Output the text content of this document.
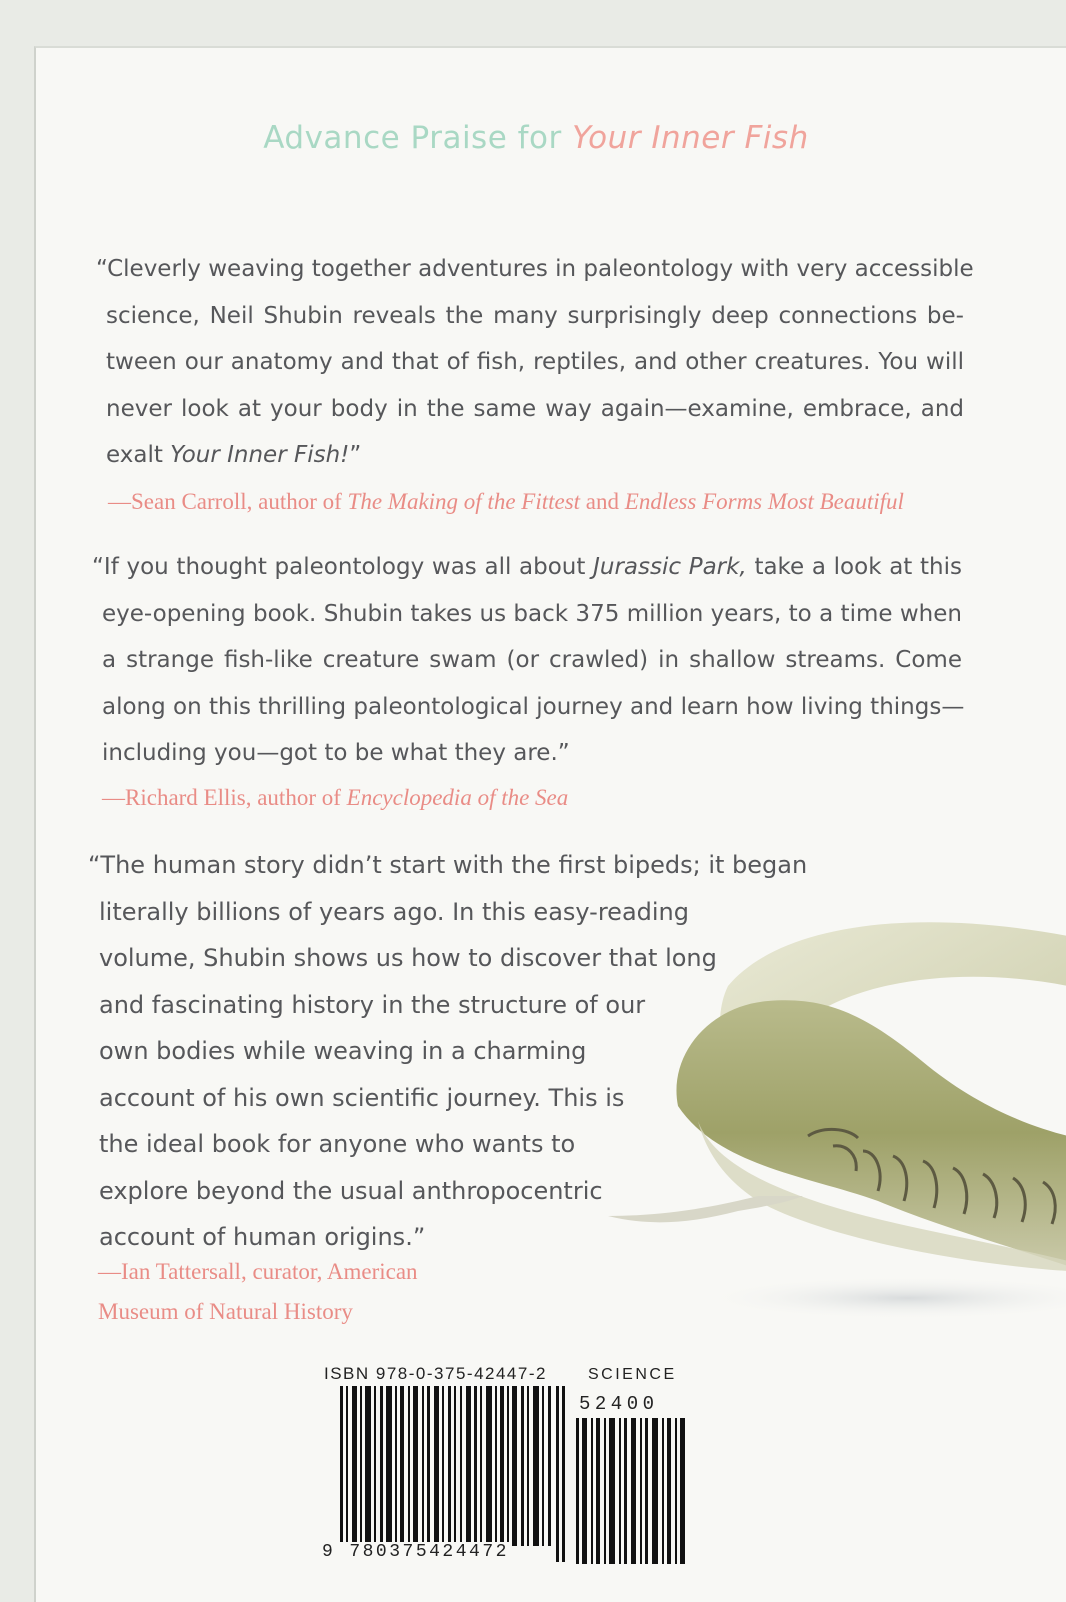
Advance Praise for Your Inner Fish
“Cleverly weaving together adventures in paleontology with very accessible
science, Neil Shubin reveals the many surprisingly deep connections be-
tween our anatomy and that of fish, reptiles, and other creatures. You will
never look at your body in the same way again—examine, embrace, and
exalt Your Inner Fish!”
—Sean Carroll, author of The Making of the Fittest and Endless Forms Most Beautiful
“If you thought paleontology was all about Jurassic Park, take a look at this
eye-opening book. Shubin takes us back 375 million years, to a time when
a strange fish-like creature swam (or crawled) in shallow streams. Come
along on this thrilling paleontological journey and learn how living things—
including you—got to be what they are.”
—Richard Ellis, author of Encyclopedia of the Sea
“The human story didn’t start with the first bipeds; it began
literally billions of years ago. In this easy-reading
volume, Shubin shows us how to discover that long
and fascinating history in the structure of our
own bodies while weaving in a charming
account of his own scientific journey. This is
the ideal book for anyone who wants to
explore beyond the usual anthropocentric
account of human origins.”
—Ian Tattersall, curator, American
Museum of Natural History
ISBN 978-0-375-42447-2	SCIENCE
52400
9 780375424472
